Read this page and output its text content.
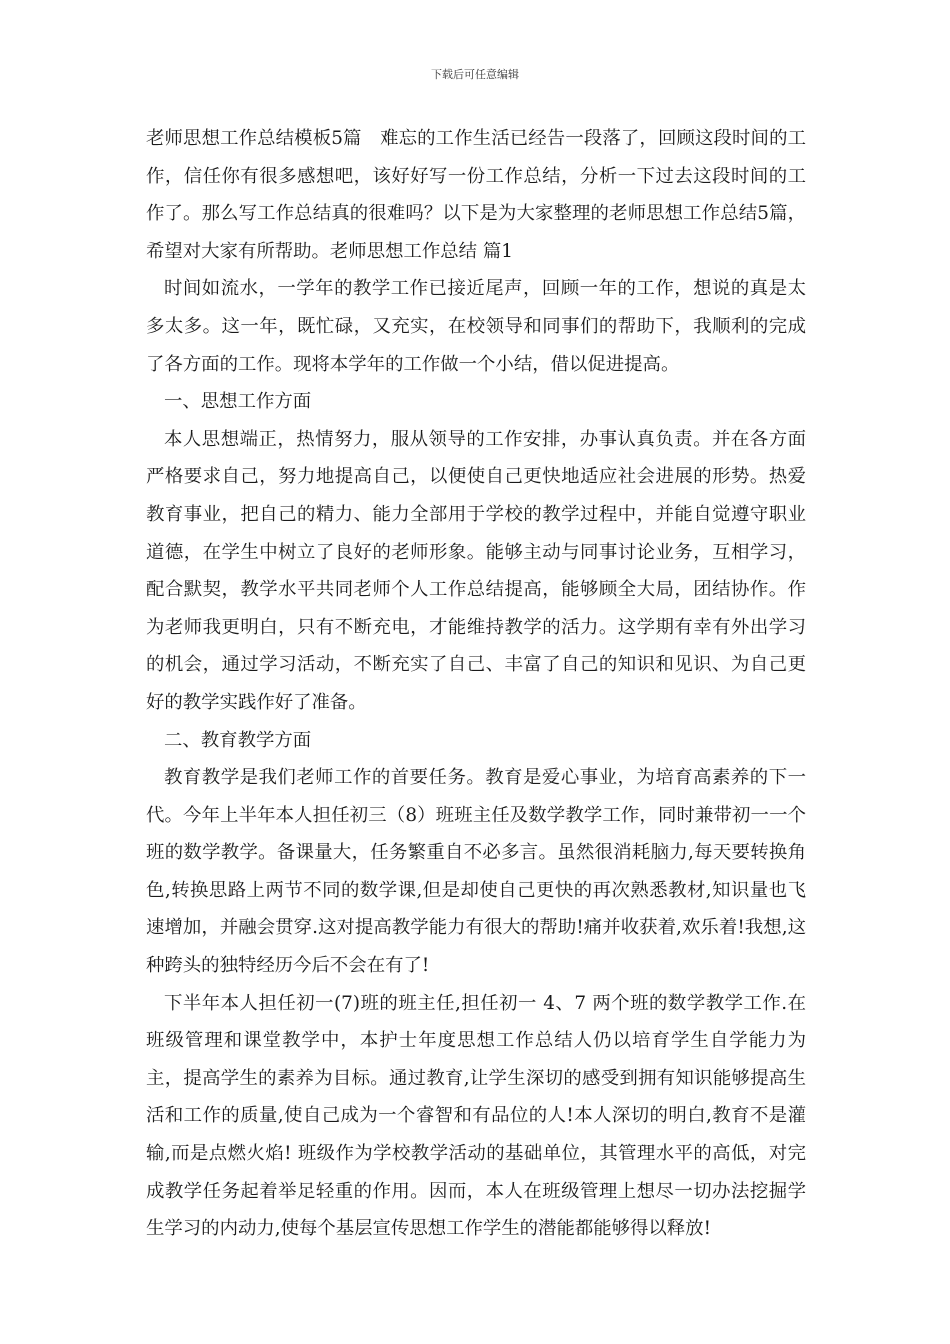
下载后可任意编辑

老师思想工作总结模板5篇　难忘的工作生活已经告一段落了，回顾这段时间的工作，信任你有很多感想吧，该好好写一份工作总结，分析一下过去这段时间的工作了。那么写工作总结真的很难吗？以下是为大家整理的老师思想工作总结5篇，希望对大家有所帮助。老师思想工作总结 篇1

时间如流水，一学年的教学工作已接近尾声，回顾一年的工作，想说的真是太多太多。这一年，既忙碌，又充实，在校领导和同事们的帮助下，我顺利的完成了各方面的工作。现将本学年的工作做一个小结，借以促进提高。

一、思想工作方面

本人思想端正，热情努力，服从领导的工作安排，办事认真负责。并在各方面严格要求自己，努力地提高自己，以便使自己更快地适应社会进展的形势。热爱教育事业，把自己的精力、能力全部用于学校的教学过程中，并能自觉遵守职业道德，在学生中树立了良好的老师形象。能够主动与同事讨论业务，互相学习，配合默契，教学水平共同老师个人工作总结提高，能够顾全大局，团结协作。作为老师我更明白，只有不断充电，才能维持教学的活力。这学期有幸有外出学习的机会，通过学习活动，不断充实了自己、丰富了自己的知识和见识、为自己更好的教学实践作好了准备。

二、教育教学方面

教育教学是我们老师工作的首要任务。教育是爱心事业，为培育高素养的下一代。今年上半年本人担任初三（8）班班主任及数学教学工作，同时兼带初一一个班的数学教学。备课量大，任务繁重自不必多言。虽然很消耗脑力,每天要转换角色,转换思路上两节不同的数学课,但是却使自己更快的再次熟悉教材,知识量也飞速增加，并融会贯穿.这对提高教学能力有很大的帮助!痛并收获着,欢乐着!我想,这种跨头的独特经历今后不会在有了!

下半年本人担任初一(7)班的班主任,担任初一 4、7 两个班的数学教学工作.在班级管理和课堂教学中，本护士年度思想工作总结人仍以培育学生自学能力为主，提高学生的素养为目标。通过教育,让学生深切的感受到拥有知识能够提高生活和工作的质量,使自己成为一个睿智和有品位的人!本人深切的明白,教育不是灌输,而是点燃火焰! 班级作为学校教学活动的基础单位，其管理水平的高低，对完成教学任务起着举足轻重的作用。因而，本人在班级管理上想尽一切办法挖掘学生学习的内动力,使每个基层宣传思想工作学生的潜能都能够得以释放!
